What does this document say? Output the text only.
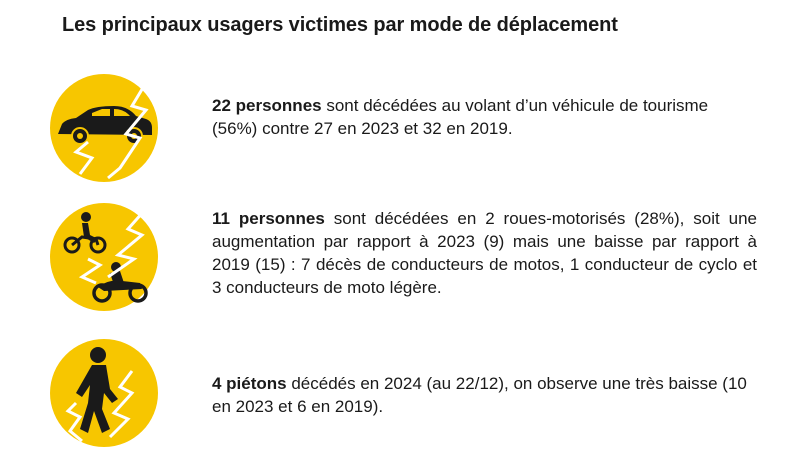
Les principaux usagers victimes par mode de déplacement
22 personnes sont décédées au volant d’un véhicule de tourisme (56%) contre 27 en 2023 et 32 en 2019.
11 personnes sont décédées en 2 roues-motorisés (28%), soit une augmentation par rapport à 2023 (9) mais une baisse par rapport à 2019 (15) : 7 décès de conducteurs de motos, 1 conducteur de cyclo et 3 conducteurs de moto légère.
4 piétons décédés en 2024 (au 22/12), on observe une très baisse (10 en 2023 et 6 en 2019).
